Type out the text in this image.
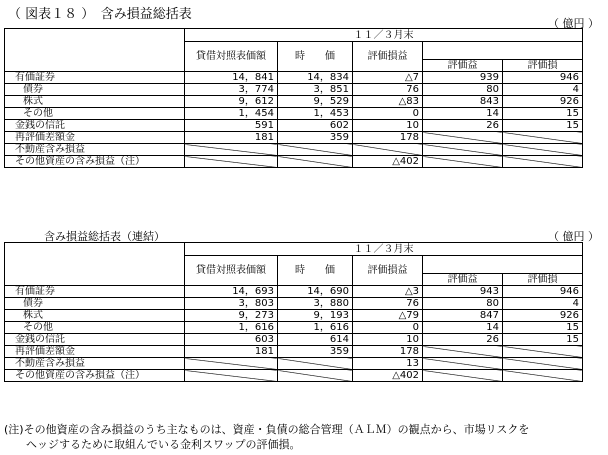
（ 図表１８ ）　含み損益総括表
（ 億円 ）
	１１／３月末				
	貸借対照表価額	時　　価	評価損益		

				評価益	評価損
有価証券	14，841	14，834	△7	939	946
債券	3，774	3，851	76	80	4
株式	9，612	9，529	△83	843	926
その他	1，454	1，453	0	14	15
金銭の信託	591	602	10	26	15
再評価差額金	181	359	178		
不動産含み損益					
その他資産の含み損益（注）			△402		
含み損益総括表（連結）	（ 億円 ）
	１１／３月末				
	貸借対照表価額	時　　価	評価損益		

				評価益	評価損
有価証券	14，693	14，690	△3	943	946
債券	3，803	3，880	76	80	4
株式	9，273	9，193	△79	847	926
その他	1，616	1，616	0	14	15
金銭の信託	603	614	10	26	15
再評価差額金	181	359	178		
不動産含み損益			13		
その他資産の含み損益（注）			△402		
(注)その他資産の含み損益のうち主なものは、資産・負債の総合管理（ＡＬＭ）の観点から、市場リスクを
ヘッジするために取組んでいる金利スワップの評価損。
